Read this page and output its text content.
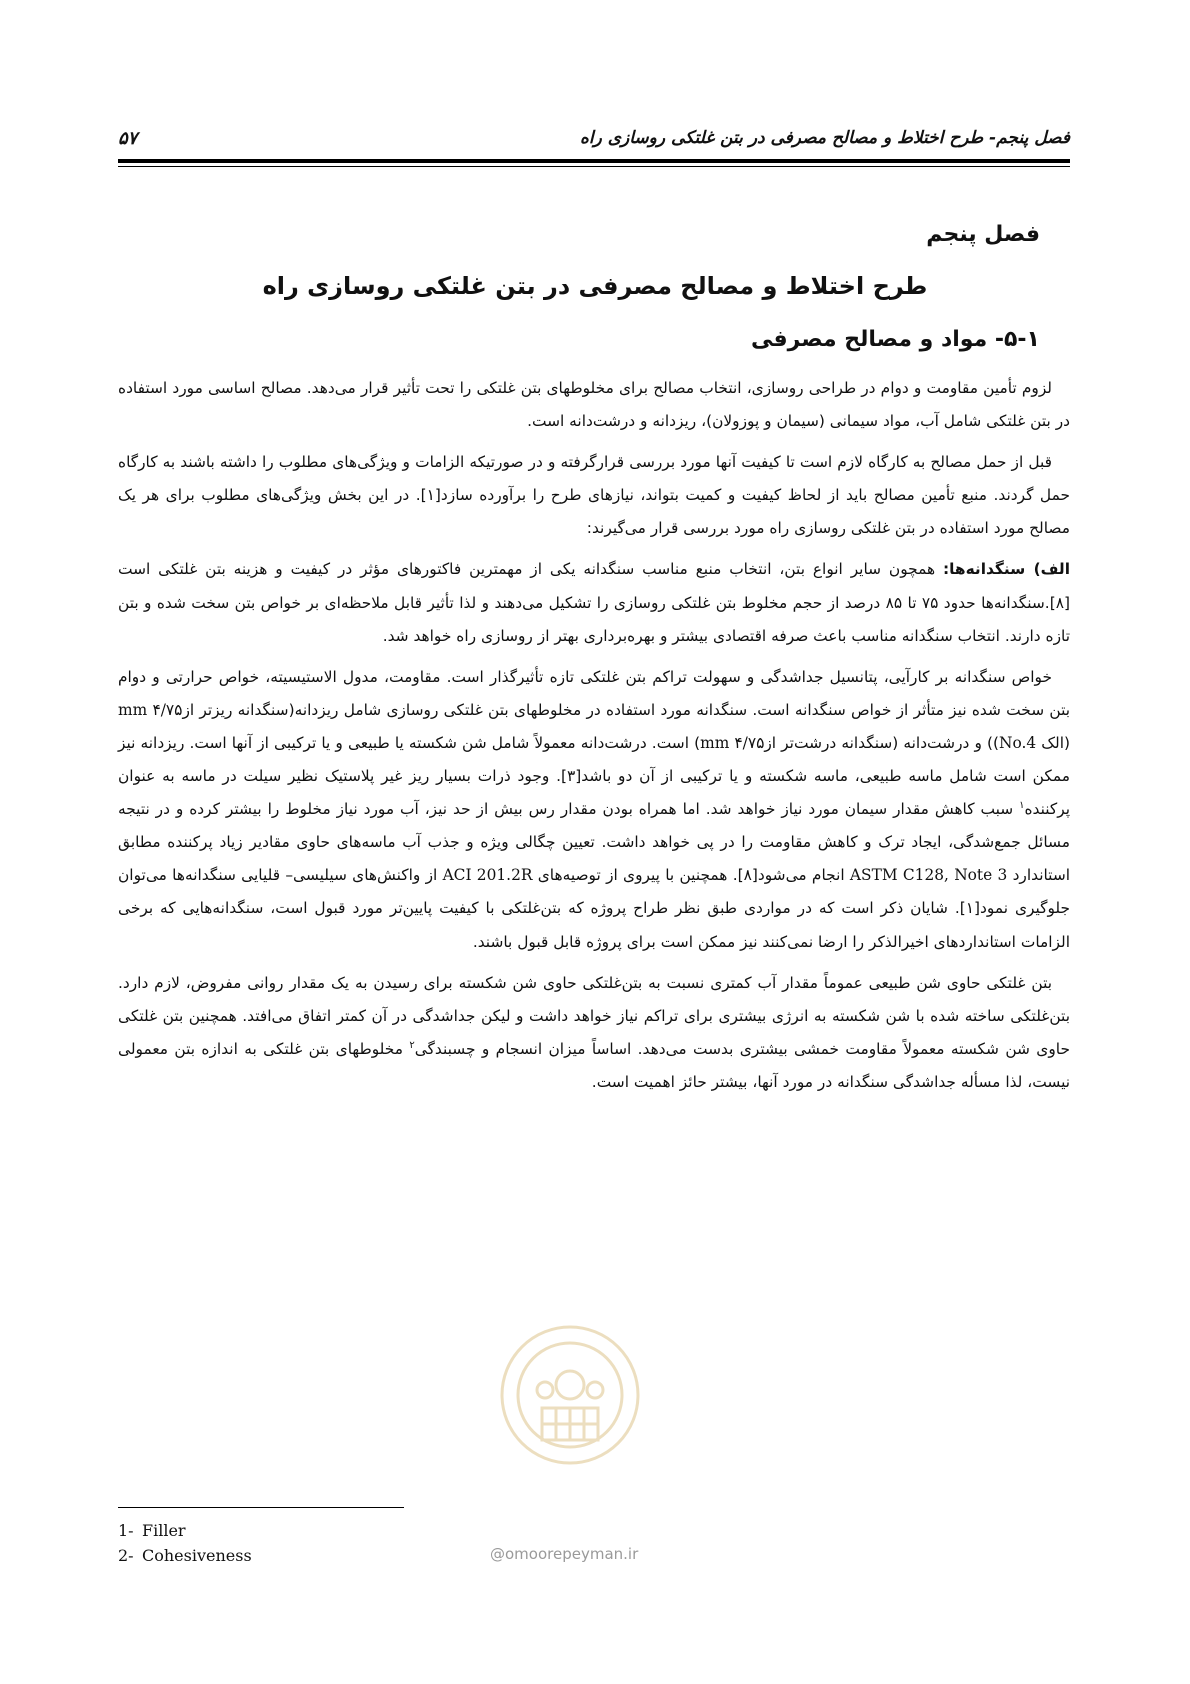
فصل پنجم- طرح اختلاط و مصالح مصرفی در بتن غلتکی روسازی راه
۵۷
فصل پنجم
طرح اختلاط و مصالح مصرفی در بتن غلتکی روسازی راه
۵-۱- مواد و مصالح مصرفی

لزوم تأمین مقاومت و دوام در طراحی روسازی، انتخاب مصالح برای مخلوطهای بتن غلتکی را تحت تأثیر قرار می‌دهد. مصالح اساسی مورد استفاده در بتن غلتکی شامل آب، مواد سیمانی (سیمان و پوزولان)، ریزدانه و درشت‌دانه است.

قبل از حمل مصالح به کارگاه لازم است تا کیفیت آنها مورد بررسی قرارگرفته و در صورتیکه الزامات و ویژگی‌های مطلوب را داشته باشند به کارگاه حمل گردند. منبع تأمین مصالح باید از لحاظ کیفیت و کمیت بتواند، نیازهای طرح را برآورده سازد[۱]. در این بخش ویژگی‌های مطلوب برای هر یک مصالح مورد استفاده در بتن غلتکی روسازی راه مورد بررسی قرار می‌گیرند:

الف) سنگدانه‌ها: همچون سایر انواع بتن، انتخاب منبع مناسب سنگدانه یکی از مهمترین فاکتورهای مؤثر در کیفیت و هزینه بتن غلتکی است [۸].سنگدانه‌ها حدود ۷۵ تا ۸۵ درصد از حجم مخلوط بتن غلتکی روسازی را تشکیل می‌دهند و لذا تأثیر قابل ملاحظه‌ای بر خواص بتن سخت شده و بتن تازه دارند. انتخاب سنگدانه مناسب باعث صرفه اقتصادی بیشتر و بهره‌برداری بهتر از روسازی راه خواهد شد.

خواص سنگدانه بر کارآیی، پتانسیل جداشدگی و سهولت تراکم بتن غلتکی تازه تأثیرگذار است. مقاومت، مدول الاستیسیته، خواص حرارتی و دوام بتن سخت شده نیز متأثر از خواص سنگدانه است. سنگدانه مورد استفاده در مخلوطهای بتن غلتکی روسازی شامل ریزدانه(سنگدانه ریزتر ازmm ۴/۷۵ (الک No.4)) و درشت‌دانه (سنگدانه درشت‌تر ازmm ۴/۷۵) است. درشت‌دانه معمولاً شامل شن شکسته یا طبیعی و یا ترکیبی از آنها است. ریزدانه نیز ممکن است شامل ماسه طبیعی، ماسه شکسته و یا ترکیبی از آن دو باشد[۳]. وجود ذرات بسیار ریز غیر پلاستیک نظیر سیلت در ماسه به عنوان پرکننده$^۱$ سبب کاهش مقدار سیمان مورد نیاز خواهد شد. اما همراه بودن مقدار رس بیش از حد نیز، آب مورد نیاز مخلوط را بیشتر کرده و در نتیجه مسائل جمع‌شدگی، ایجاد ترک و کاهش مقاومت را در پی خواهد داشت. تعیین چگالی ویژه و جذب آب ماسه‌های حاوی مقادیر زیاد پرکننده مطابق استاندارد ASTM C128, Note 3 انجام می‌شود[۸]. همچنین با پیروی از توصیه‌های ACI 201.2R از واکنش‌های سیلیسی– قلیایی سنگدانه‌ها می‌توان جلوگیری نمود[۱]. شایان ذکر است که در مواردی طبق نظر طراح پروژه که بتن‌غلتکی با کیفیت پایین‌تر مورد قبول است، سنگدانه‌هایی که برخی الزامات استانداردهای اخیرالذکر را ارضا نمی‌کنند نیز ممکن است برای پروژه قابل قبول باشند.

بتن غلتکی حاوی شن طبیعی عموماً مقدار آب کمتری نسبت به بتن‌غلتکی حاوی شن شکسته برای رسیدن به یک مقدار روانی مفروض، لازم دارد. بتن‌غلتکی ساخته شده با شن شکسته به انرژی بیشتری برای تراکم نیاز خواهد داشت و لیکن جداشدگی در آن کمتر اتفاق می‌افتد. همچنین بتن غلتکی حاوی شن شکسته معمولاً مقاومت خمشی بیشتری بدست می‌دهد. اساساً میزان انسجام و چسبندگی$^۲$ مخلوطهای بتن غلتکی به اندازه بتن معمولی نیست، لذا مسأله جداشدگی سنگدانه در مورد آنها، بیشتر حائز اهمیت است.

@omoorepeyman.ir
1- Filler
2- Cohesiveness
